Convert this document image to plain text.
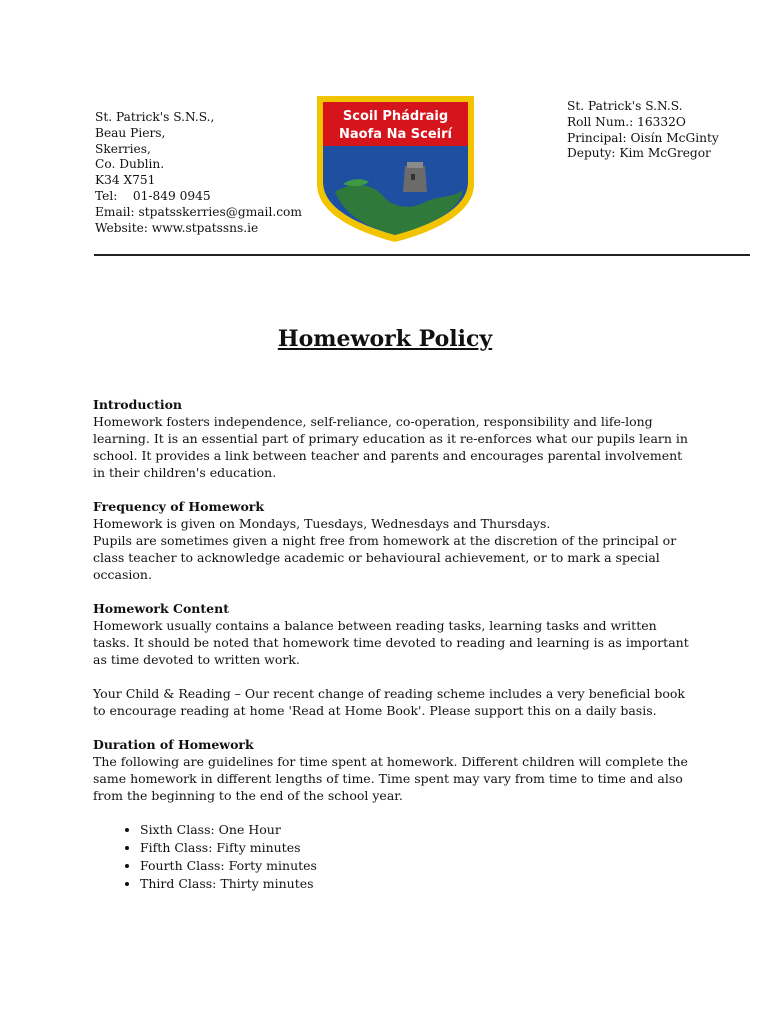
St. Patrick's S.N.S.,
Beau Piers,
Skerries,
Co. Dublin.
K34 X751
Tel:    01-849 0945
Email: stpatsskerries@gmail.com
Website: www.stpatssns.ie
Scoil Phádraig
Naofa Na Sceirí
St. Patrick's S.N.S.
Roll Num.: 16332O
Principal: Oisín McGinty
Deputy: Kim McGregor
Homework Policy
Introduction

Homework fosters independence, self-reliance, co-operation, responsibility and life-long learning. It is an essential part of primary education as it re-enforces what our pupils learn in school. It provides a link between teacher and parents and encourages parental involvement in their children's education.

Frequency of Homework

Homework is given on Mondays, Tuesdays, Wednesdays and Thursdays.

Pupils are sometimes given a night free from homework at the discretion of the principal or class teacher to acknowledge academic or behavioural achievement, or to mark a special occasion.

Homework Content

Homework usually contains a balance between reading tasks, learning tasks and written tasks. It should be noted that homework time devoted to reading and learning is as important as time devoted to written work.

Your Child & Reading – Our recent change of reading scheme includes a very beneficial book to encourage reading at home 'Read at Home Book'. Please support this on a daily basis.

Duration of Homework

The following are guidelines for time spent at homework. Different children will complete the same homework in different lengths of time. Time spent may vary from time to time and also from the beginning to the end of the school year.

• Sixth Class: One Hour
• Fifth Class: Fifty minutes
• Fourth Class: Forty minutes
• Third Class: Thirty minutes
